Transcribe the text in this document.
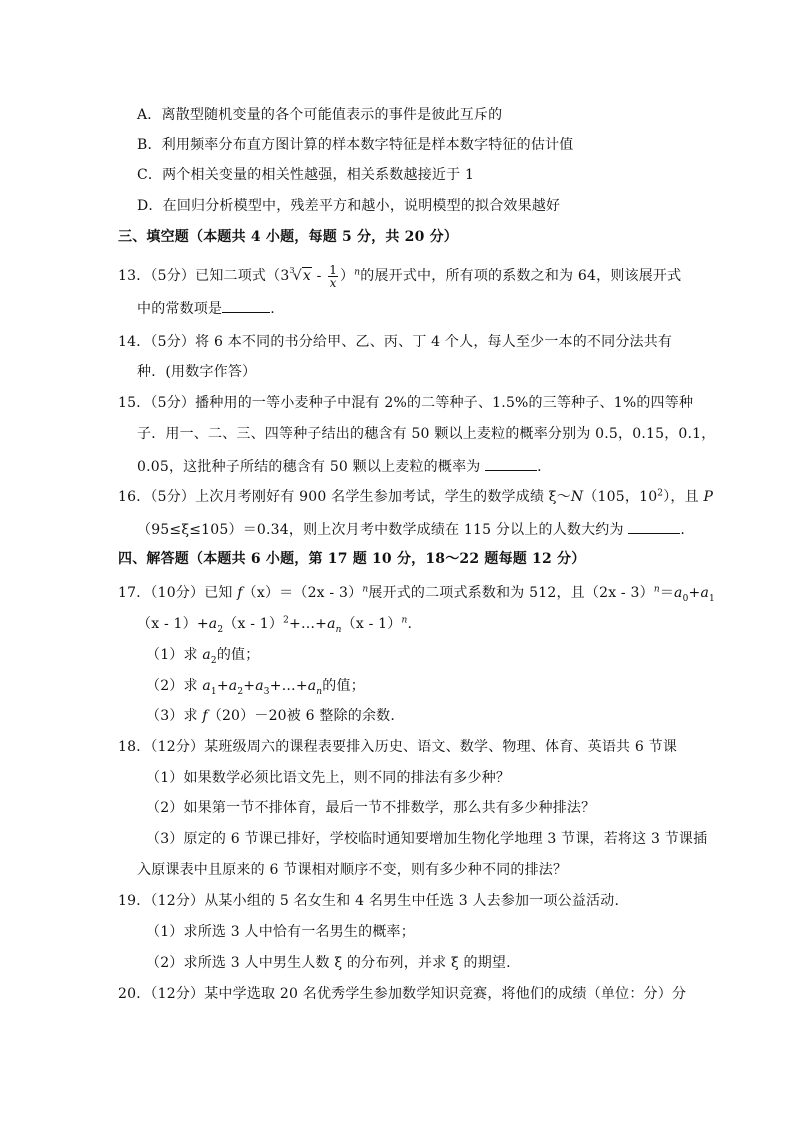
A．离散型随机变量的各个可能值表示的事件是彼此互斥的
B．利用频率分布直方图计算的样本数字特征是样本数字特征的估计值
C．两个相关变量的相关性越强，相关系数越接近于 1
D．在回归分析模型中，残差平方和越小，说明模型的拟合效果越好
三、填空题（本题共 4 小题，每题 5 分，共 20 分）
13．（5分）已知二项式$(3^3√x - \frac{1}{x} )^n$的展开式中，所有项的系数之和为 64，则该展开式
中的常数项是	.
14．（5分）将 6 本不同的书分给甲、乙、丙、丁 4 个人，每人至少一本的不同分法共有
种．(用数字作答）
15．（5分）播种用的一等小麦种子中混有 2%的二等种子、1.5%的三等种子、1%的四等种
子．用一、二、三、四等种子结出的穗含有 50 颗以上麦粒的概率分别为 0.5，0.15，0.1，
0.05，这批种子所结的穗含有 50 颗以上麦粒的概率为	.
16．（5分）上次月考刚好有 900 名学生参加考试，学生的数学成绩 ξ～N（105，$10^2$），且 P
（95≤ξ≤105）＝0.34，则上次月考中数学成绩在 115 分以上的人数大约为	.
四、解答题（本题共 6 小题，第 17 题 10 分，18～22 题每题 12 分）
17．（10分）已知 f（x）＝（2x - 3）$^n$展开式的二项式系数和为 512，且$(2x - 3)^n=a_0+a_1$
$(x - 1)+a_2(x$ - $1)^2+\dots+a_n(x - 1)^n$.
（1）求 $a_2$的值；
（2）求 $a_1+a_2+a_3+\dots+a_n$的值；
（3）求 f（20）－20被 6 整除的余数.
18．（12分）某班级周六的课程表要排入历史、语文、数学、物理、体育、英语共 6 节课
（1）如果数学必须比语文先上，则不同的排法有多少种？
（2）如果第一节不排体育，最后一节不排数学，那么共有多少种排法？
（3）原定的 6 节课已排好，学校临时通知要增加生物化学地理 3 节课，若将这 3 节课插
入原课表中且原来的 6 节课相对顺序不变，则有多少种不同的排法？
19．（12分）从某小组的 5 名女生和 4 名男生中任选 3 人去参加一项公益活动.
（1）求所选 3 人中恰有一名男生的概率；
（2）求所选 3 人中男生人数 ξ 的分布列，并求 ξ 的期望.
20．（12分）某中学选取 20 名优秀学生参加数学知识竞赛，将他们的成绩（单位：分）分
